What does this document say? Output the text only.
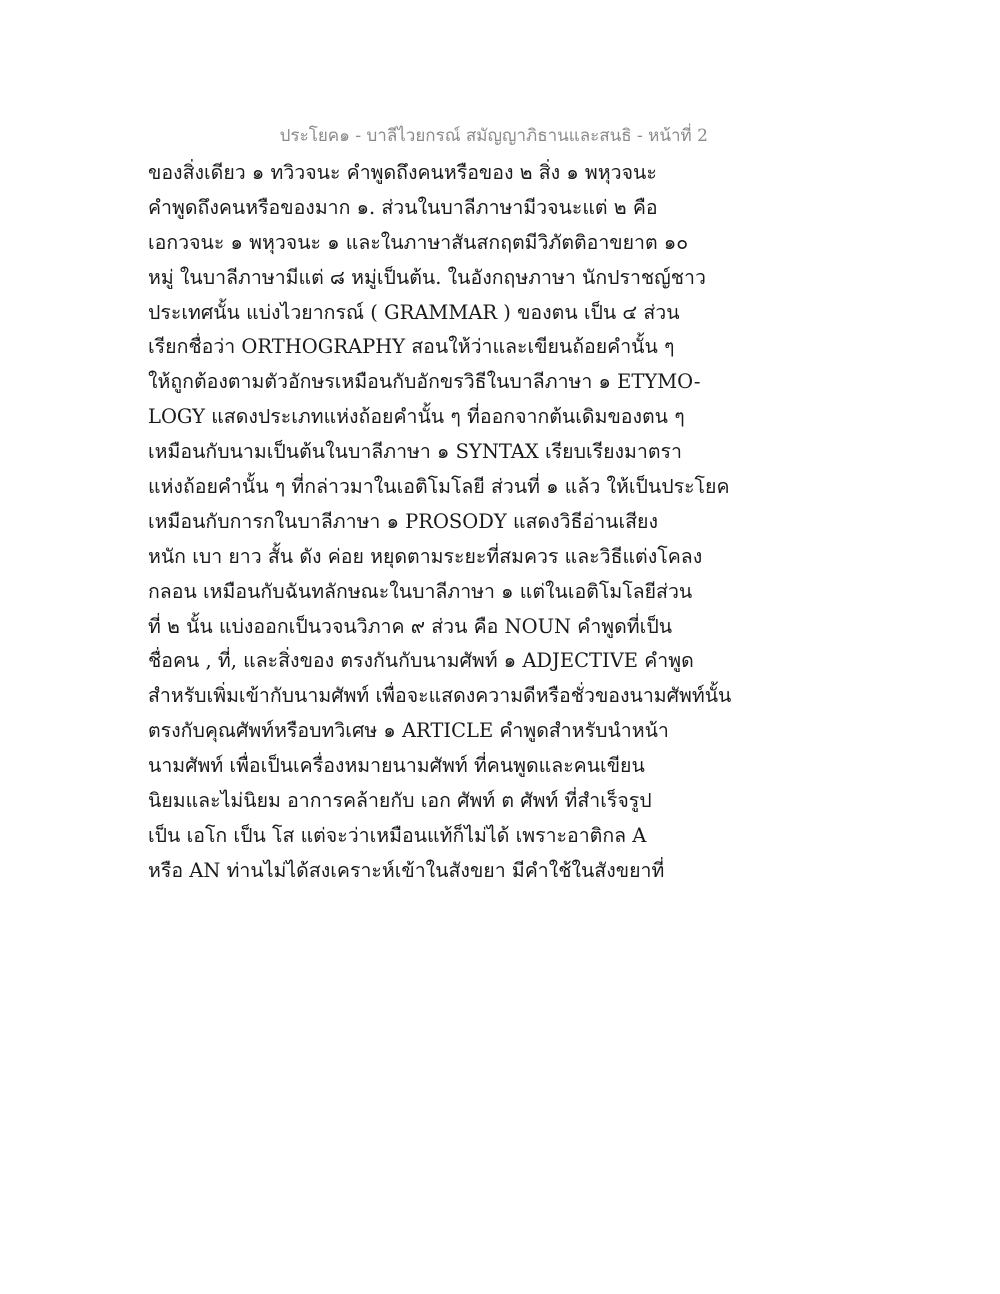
ประโยค๑ - บาลีไวยกรณ์ สมัญญาภิธานและสนธิ - หน้าที่ 2
ของสิ่งเดียว ๑ ทวิวจนะ คำพูดถึงคนหรือของ ๒ สิ่ง ๑ พหุวจนะ
คำพูดถึงคนหรือของมาก ๑. ส่วนในบาลีภาษามีวจนะแต่ ๒ คือ
เอกวจนะ ๑ พหุวจนะ ๑ และในภาษาสันสกฤตมีวิภัตติอาขยาต ๑๐
หมู่ ในบาลีภาษามีแต่ ๘ หมู่เป็นต้น. ในอังกฤษภาษา นักปราชญ์ชาว
ประเทศนั้น แบ่งไวยากรณ์ ( GRAMMAR ) ของตน เป็น ๔ ส่วน
เรียกชื่อว่า ORTHOGRAPHY สอนให้ว่าและเขียนถ้อยคำนั้น ๆ
ให้ถูกต้องตามตัวอักษรเหมือนกับอักขรวิธีในบาลีภาษา ๑ ETYMO-
LOGY แสดงประเภทแห่งถ้อยคำนั้น ๆ ที่ออกจากต้นเดิมของตน ๆ
เหมือนกับนามเป็นต้นในบาลีภาษา ๑ SYNTAX เรียบเรียงมาตรา
แห่งถ้อยคำนั้น ๆ ที่กล่าวมาในเอติโมโลยี ส่วนที่ ๑ แล้ว ให้เป็นประโยค
เหมือนกับการกในบาลีภาษา ๑ PROSODY แสดงวิธีอ่านเสียง
หนัก เบา ยาว สั้น ดัง ค่อย หยุดตามระยะที่สมควร และวิธีแต่งโคลง
กลอน เหมือนกับฉันทลักษณะในบาลีภาษา ๑ แต่ในเอติโมโลยีส่วน
ที่ ๒ นั้น แบ่งออกเป็นวจนวิภาค ๙ ส่วน คือ NOUN คำพูดที่เป็น
ชื่อคน , ที่, และสิ่งของ ตรงกันกับนามศัพท์ ๑ ADJECTIVE คำพูด
สำหรับเพิ่มเข้ากับนามศัพท์ เพื่อจะแสดงความดีหรือชั่วของนามศัพท์นั้น
ตรงกับคุณศัพท์หรือบทวิเศษ ๑ ARTICLE คำพูดสำหรับนำหน้า
นามศัพท์ เพื่อเป็นเครื่องหมายนามศัพท์ ที่คนพูดและคนเขียน
นิยมและไม่นิยม อาการคล้ายกับ เอก ศัพท์ ต ศัพท์ ที่สำเร็จรูป
เป็น เอโก เป็น โส แต่จะว่าเหมือนแท้ก็ไม่ได้ เพราะอาติกล A
หรือ AN ท่านไม่ได้สงเคราะห์เข้าในสังขยา มีคำใช้ในสังขยาที่
